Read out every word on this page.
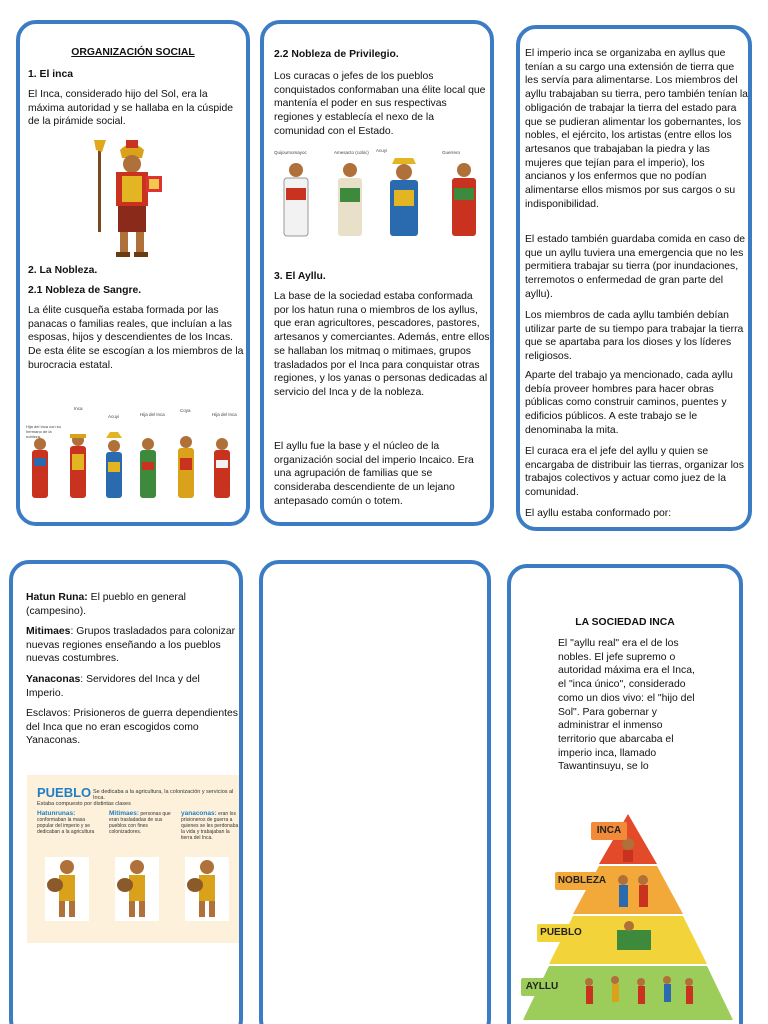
ORGANIZACIÓN SOCIAL
1. El inca
El Inca, considerado hijo del Sol, era la máxima autoridad y se hallaba en la cúspide de la pirámide social.
2. La Nobleza.
2.1 Nobleza de Sangre.
La élite cusqueña estaba formada por las panacas o familias reales, que incluían a las esposas, hijos y descendientes de los Incas. De esta élite se escogían a los miembros de la burocracia estatal.
Hija del Inca con su hermano de la nobleza.
Inca
Acuyi	Hija del Inca
Coya
Hija del Inca
2.2 Nobleza de Privilegio.
Los curacas o jefes de los pueblos conquistados conformaban una élite local que mantenía el poder en sus respectivas regiones y establecía el nexo de la comunidad con el Estado.
Quijournomayoc	Amesacto (cobic) Acuyi	Guerrero
3. El Ayllu.
La base de la sociedad estaba conformada por los hatun runa o miembros de los ayllus, que eran agricultores, pescadores, pastores, artesanos y comerciantes. Además, entre ellos se hallaban los mitmaq o mitimaes, grupos trasladados por el Inca para conquistar otras regiones, y los yanas o personas dedicadas al servicio del Inca y de la nobleza.
El ayllu fue la base y el núcleo de la organización social del imperio Incaico. Era una agrupación de familias que se consideraba descendiente de un lejano antepasado común o totem.
El imperio inca se organizaba en ayllus que tenían a su cargo una extensión de tierra que les servía para alimentarse. Los miembros del ayllu trabajaban su tierra, pero también tenían la obligación de trabajar la tierra del estado para que se pudieran alimentar los gobernantes, los nobles, el ejército, los artistas (entre ellos los artesanos que trabajaban la piedra y las mujeres que tejían para el imperio), los ancianos y los enfermos que no podían alimentarse ellos mismos por sus cargos o su indisponibilidad.
El estado también guardaba comida en caso de que un ayllu tuviera una emergencia que no les permitiera trabajar su tierra (por inundaciones, terremotos o enfermedad de gran parte del ayllu).
Los miembros de cada ayllu también debían utilizar parte de su tiempo para trabajar la tierra que se apartaba para los dioses y los líderes religiosos.
Aparte del trabajo ya mencionado, cada ayllu debía proveer hombres para hacer obras públicas como construir caminos, puentes y edificios públicos. A este trabajo se le denominaba la mita.
El curaca era el jefe del ayllu y quien se encargaba de distribuir las tierras, organizar los trabajos colectivos y actuar como juez de la comunidad.
El ayllu estaba conformado por:
Hatun Runa: El pueblo en general (campesino).
Mitimaes: Grupos trasladados para colonizar nuevas regiones enseñando a los pueblos nuevas costumbres.
Yanaconas: Servidores del Inca y del Imperio.
Esclavos: Prisioneros de guerra dependientes del Inca que no eran escogidos como Yanaconas.
PUEBLO Se dedicaba a la agricultura, la colonización y servicios al Inca.
Estaba compuesto por distintas clases
Hatunrunas: conformaban la masa popular del imperio y se dedicaban a la agricultura
Mitimaes: personas que eran trasladadas de sus pueblos con fines colonizadores.
yanaconas: eran los prisioneros de guerra a quienes se les perdonaba la vida y trabajaban la tierra del Inca.
LA SOCIEDAD INCA
El "ayllu real" era el de los nobles. El jefe supremo o autoridad máxima era el Inca, el "inca único", considerado como un dios vivo: el "hijo del Sol". Para gobernar y administrar el inmenso territorio que abarcaba el imperio inca, llamado Tawantinsuyu, se lo
INCA
NOBLEZA
PUEBLO
AYLLU
